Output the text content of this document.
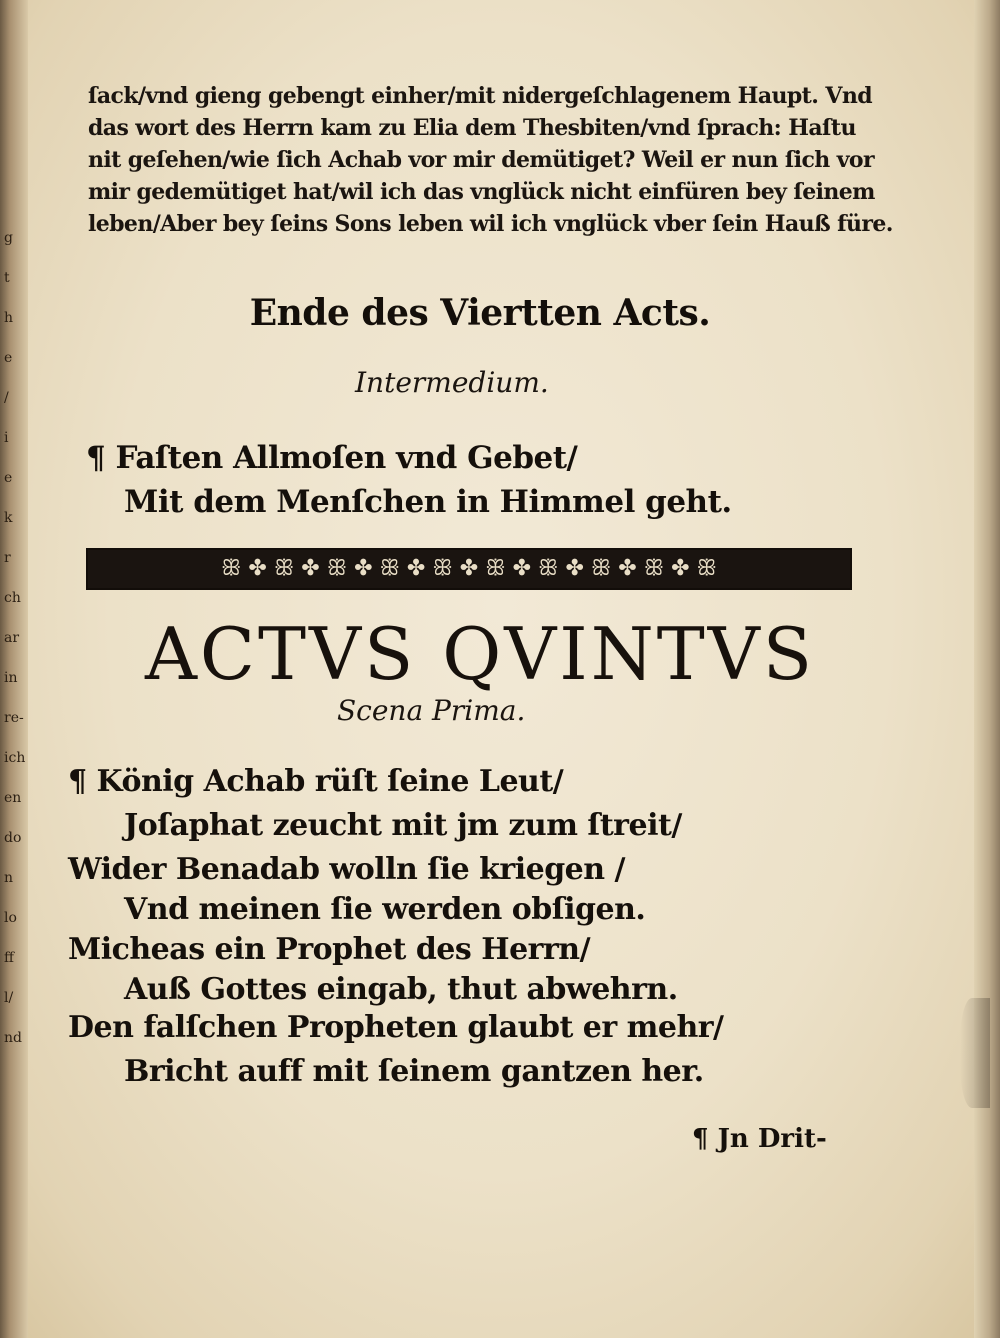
g
t
h
e
/
i
e
k
r
ch
ar
in
re-
ich
en
do
n
lo
ff
l/
nd
ſack/vnd gieng gebengt einher/mit nidergeſchlagenem Haupt. Vnd
das wort des Herrn kam zu Elia dem Thesbiten/vnd ſprach: Haſtu
nit geſehen/wie ſich Achab vor mir demütiget? Weil er nun ſich vor
mir gedemütiget hat/wil ich das vnglück nicht einfüren bey ſeinem
leben/Aber bey ſeins Sons leben wil ich vnglück vber ſein Hauß füre.
Ende des Viertten Acts.
Intermedium.
¶ Faſten Allmoſen vnd Gebet/
Mit dem Menſchen in Himmel geht.
ꕥ ✤ ꕥ ✤ ꕥ ✤ ꕥ ✤ ꕥ ✤ ꕥ ✤ ꕥ ✤ ꕥ ✤ ꕥ ✤ ꕥ
ACTVS QVINTVS
Scena Prima.
¶ König Achab rüſt ſeine Leut/
Joſaphat zeucht mit jm zum ſtreit/
Wider Benadab wolln ſie kriegen /
Vnd meinen ſie werden obſigen.
Micheas ein Prophet des Herrn/
Auß Gottes eingab, thut abwehrn.
Den falſchen Propheten glaubt er mehr/
Bricht auff mit ſeinem gantzen her.
¶ Jn Drit-
